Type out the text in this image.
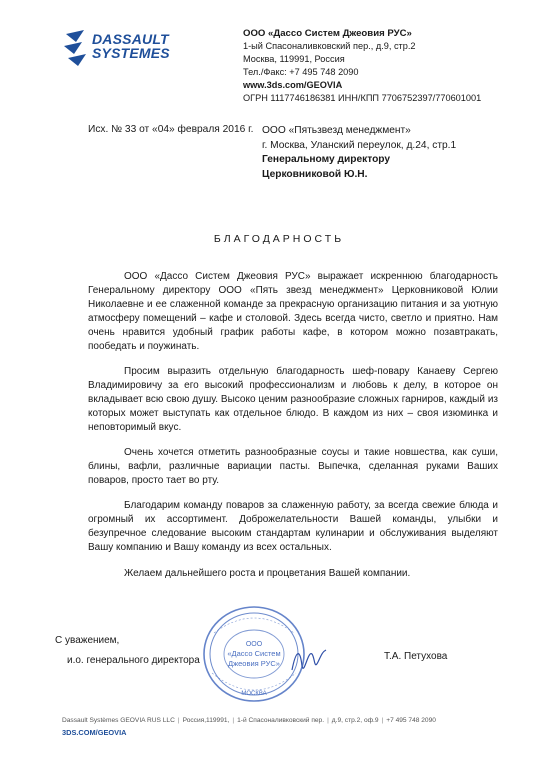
DASSAULT
SYSTEMES
ООО «Дассо Систем Джеовия РУС»
1-ый Спасоналивковский пер., д.9, стр.2
Москва, 119991, Россия
Тел./Факс: +7 495 748 2090
www.3ds.com/GEOVIA
ОГРН 1117746186381 ИНН/КПП 7706752397/770601001
Исх. № 33 от «04» февраля 2016 г. ООО «Пятьзвезд менеджмент»
г. Москва, Уланский переулок, д.24, стр.1
Генеральному директору
Церковниковой Ю.Н.
БЛАГОДАРНОСТЬ

ООО «Дассо Систем Джеовия РУС» выражает искреннюю благодарность Генеральному директору ООО «Пять звезд менеджмент» Церковниковой Юлии Николаевне и ее слаженной команде за прекрасную организацию питания и за уютную атмосферу помещений – кафе и столовой. Здесь всегда чисто, светло и приятно. Нам очень нравится удобный график работы кафе, в котором можно позавтракать, пообедать и поужинать.

Просим выразить отдельную благодарность шеф-повару Канаеву Сергею Владимировичу за его высокий профессионализм и любовь к делу, в которое он вкладывает всю свою душу. Высоко ценим разнообразие сложных гарниров, каждый из которых может выступать как отдельное блюдо. В каждом из них – своя изюминка и неповторимый вкус.

Очень хочется отметить разнообразные соусы и такие новшества, как суши, блины, вафли, различные вариации пасты. Выпечка, сделанная руками Ваших поваров, просто тает во рту.

Благодарим команду поваров за слаженную работу, за всегда свежие блюда и огромный их ассортимент. Доброжелательности Вашей команды, улыбки и безупречное следование высоким стандартам кулинарии и обслуживания выделяют Вашу компанию и Вашу команду из всех остальных.

Желаем дальнейшего роста и процветания Вашей компании.

С уважением,
и.о. генерального директора
ООО
«Дассо Систем
Джеовия РУС»
МОСКВА
Т.А. Петухова
Dassault Systèmes GEOVIA RUS LLC | Россия,119991, | 1-й Спасоналивковский пер. | д.9, стр.2, оф.9 | +7 495 748 2090
3DS.COM/GEOVIA
